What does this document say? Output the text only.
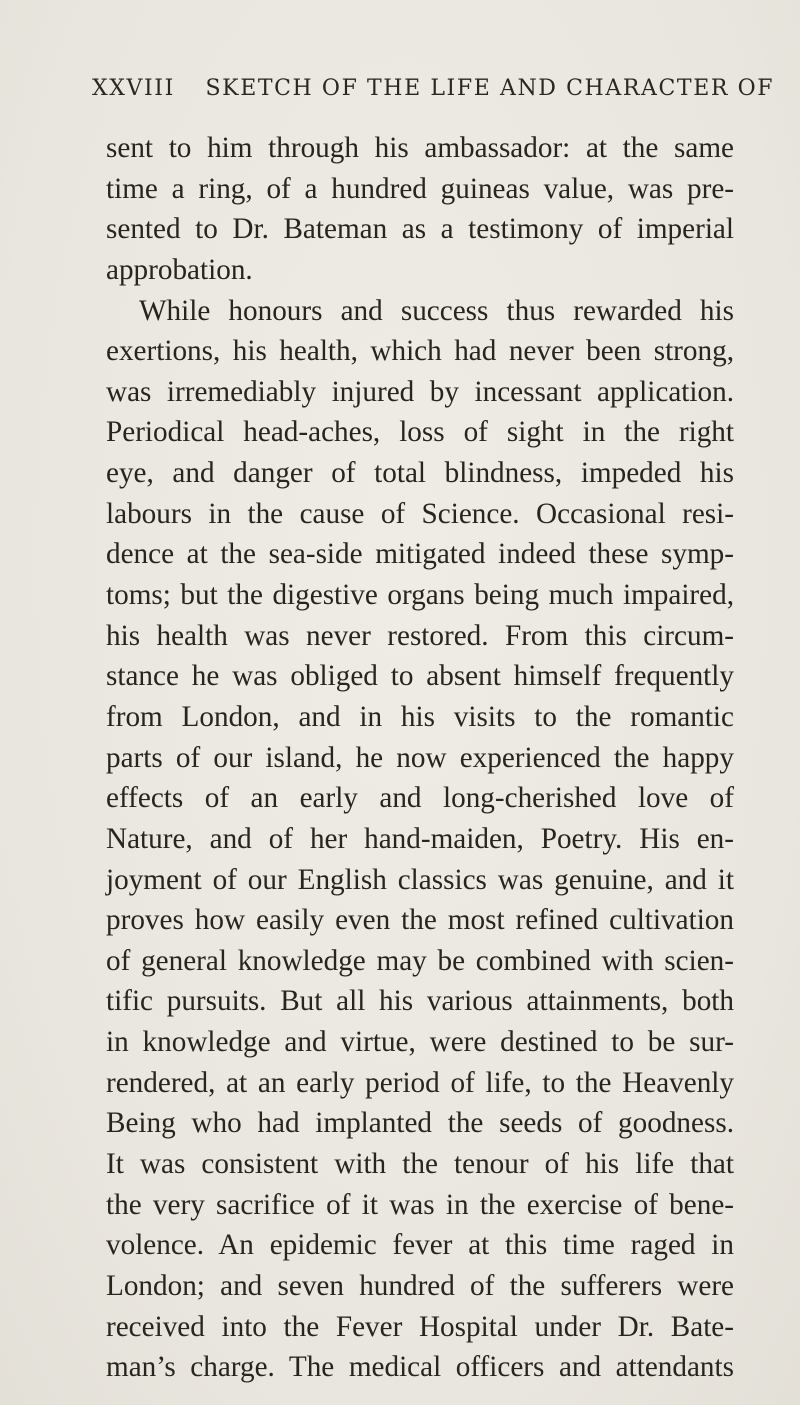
XXVIII SKETCH OF THE LIFE AND CHARACTER OF
sent to him through his ambassador: at the same
time a ring, of a hundred guineas value, was pre-
sented to Dr. Bateman as a testimony of imperial
approbation.
While honours and success thus rewarded his
exertions, his health, which had never been strong,
was irremediably injured by incessant application.
Periodical head-aches, loss of sight in the right
eye, and danger of total blindness, impeded his
labours in the cause of Science. Occasional resi-
dence at the sea-side mitigated indeed these symp-
toms; but the digestive organs being much impaired,
his health was never restored. From this circum-
stance he was obliged to absent himself frequently
from London, and in his visits to the romantic
parts of our island, he now experienced the happy
effects of an early and long-cherished love of
Nature, and of her hand-maiden, Poetry. His en-
joyment of our English classics was genuine, and it
proves how easily even the most refined cultivation
of general knowledge may be combined with scien-
tific pursuits. But all his various attainments, both
in knowledge and virtue, were destined to be sur-
rendered, at an early period of life, to the Heavenly
Being who had implanted the seeds of goodness.
It was consistent with the tenour of his life that
the very sacrifice of it was in the exercise of bene-
volence. An epidemic fever at this time raged in
London; and seven hundred of the sufferers were
received into the Fever Hospital under Dr. Bate-
man’s charge. The medical officers and attendants
